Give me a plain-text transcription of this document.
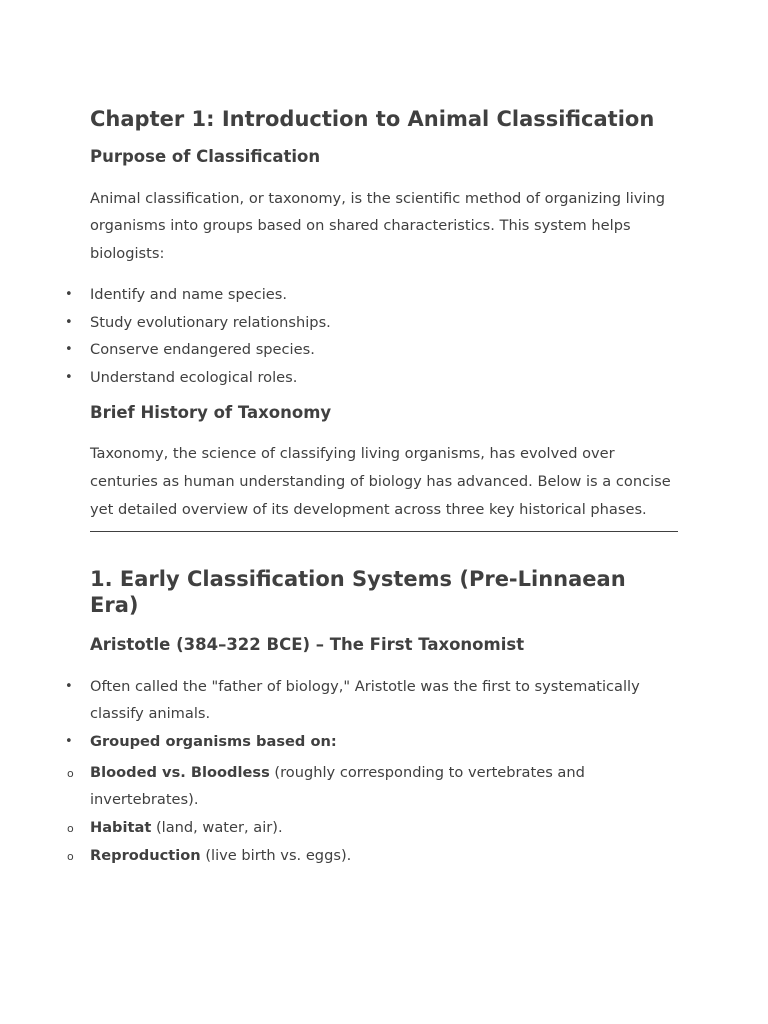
Chapter 1: Introduction to Animal Classification
Purpose of Classification

Animal classification, or taxonomy, is the scientific method of organizing living organisms into groups based on shared characteristics. This system helps biologists:

• Identify and name species.
• Study evolutionary relationships.
• Conserve endangered species.
• Understand ecological roles.
Brief History of Taxonomy

Taxonomy, the science of classifying living organisms, has evolved over centuries as human understanding of biology has advanced. Below is a concise yet detailed overview of its development across three key historical phases.

1. Early Classification Systems (Pre-Linnaean Era)
Aristotle (384–322 BCE) – The First Taxonomist
• Often called the "father of biology," Aristotle was the first to systematically classify animals.
• Grouped organisms based on:
o Blooded vs. Bloodless (roughly corresponding to vertebrates and invertebrates).
o Habitat (land, water, air).
o Reproduction (live birth vs. eggs).
